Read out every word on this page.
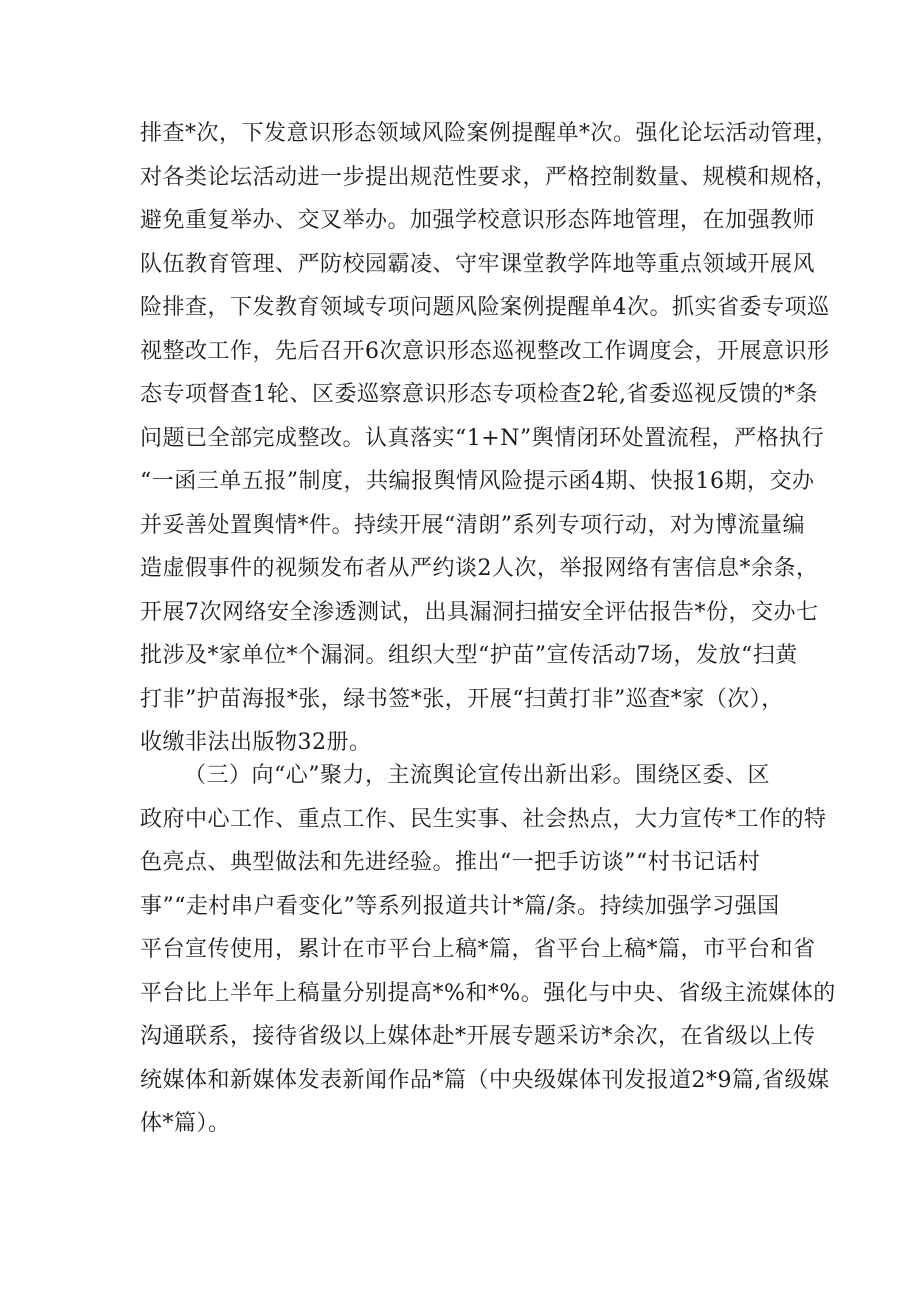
排查*次，下发意识形态领域风险案例提醒单*次。强化论坛活动管理，
对各类论坛活动进一步提出规范性要求，严格控制数量、规模和规格，
避免重复举办、交叉举办。加强学校意识形态阵地管理，在加强教师
队伍教育管理、严防校园霸凌、守牢课堂教学阵地等重点领域开展风
险排查，下发教育领域专项问题风险案例提醒单4次。抓实省委专项巡
视整改工作，先后召开6次意识形态巡视整改工作调度会，开展意识形
态专项督查1轮、区委巡察意识形态专项检查2轮,省委巡视反馈的*条
问题已全部完成整改。认真落实“1+N”舆情闭环处置流程，严格执行
“一函三单五报”制度，共编报舆情风险提示函4期、快报16期，交办
并妥善处置舆情*件。持续开展“清朗”系列专项行动，对为博流量编
造虚假事件的视频发布者从严约谈2人次，举报网络有害信息*余条，
开展7次网络安全渗透测试，出具漏洞扫描安全评估报告*份，交办七
批涉及*家单位*个漏洞。组织大型“护苗”宣传活动7场，发放“扫黄
打非”护苗海报*张，绿书签*张，开展“扫黄打非”巡查*家（次），
收缴非法出版物32册。
（三）向“心”聚力，主流舆论宣传出新出彩。围绕区委、区
政府中心工作、重点工作、民生实事、社会热点，大力宣传*工作的特
色亮点、典型做法和先进经验。推出“一把手访谈”“村书记话村
事”“走村串户看变化”等系列报道共计*篇/条。持续加强学习强国
平台宣传使用，累计在市平台上稿*篇，省平台上稿*篇，市平台和省
平台比上半年上稿量分别提高*%和*%。强化与中央、省级主流媒体的
沟通联系，接待省级以上媒体赴*开展专题采访*余次，在省级以上传
统媒体和新媒体发表新闻作品*篇（中央级媒体刊发报道2*9篇,省级媒
体*篇）。
